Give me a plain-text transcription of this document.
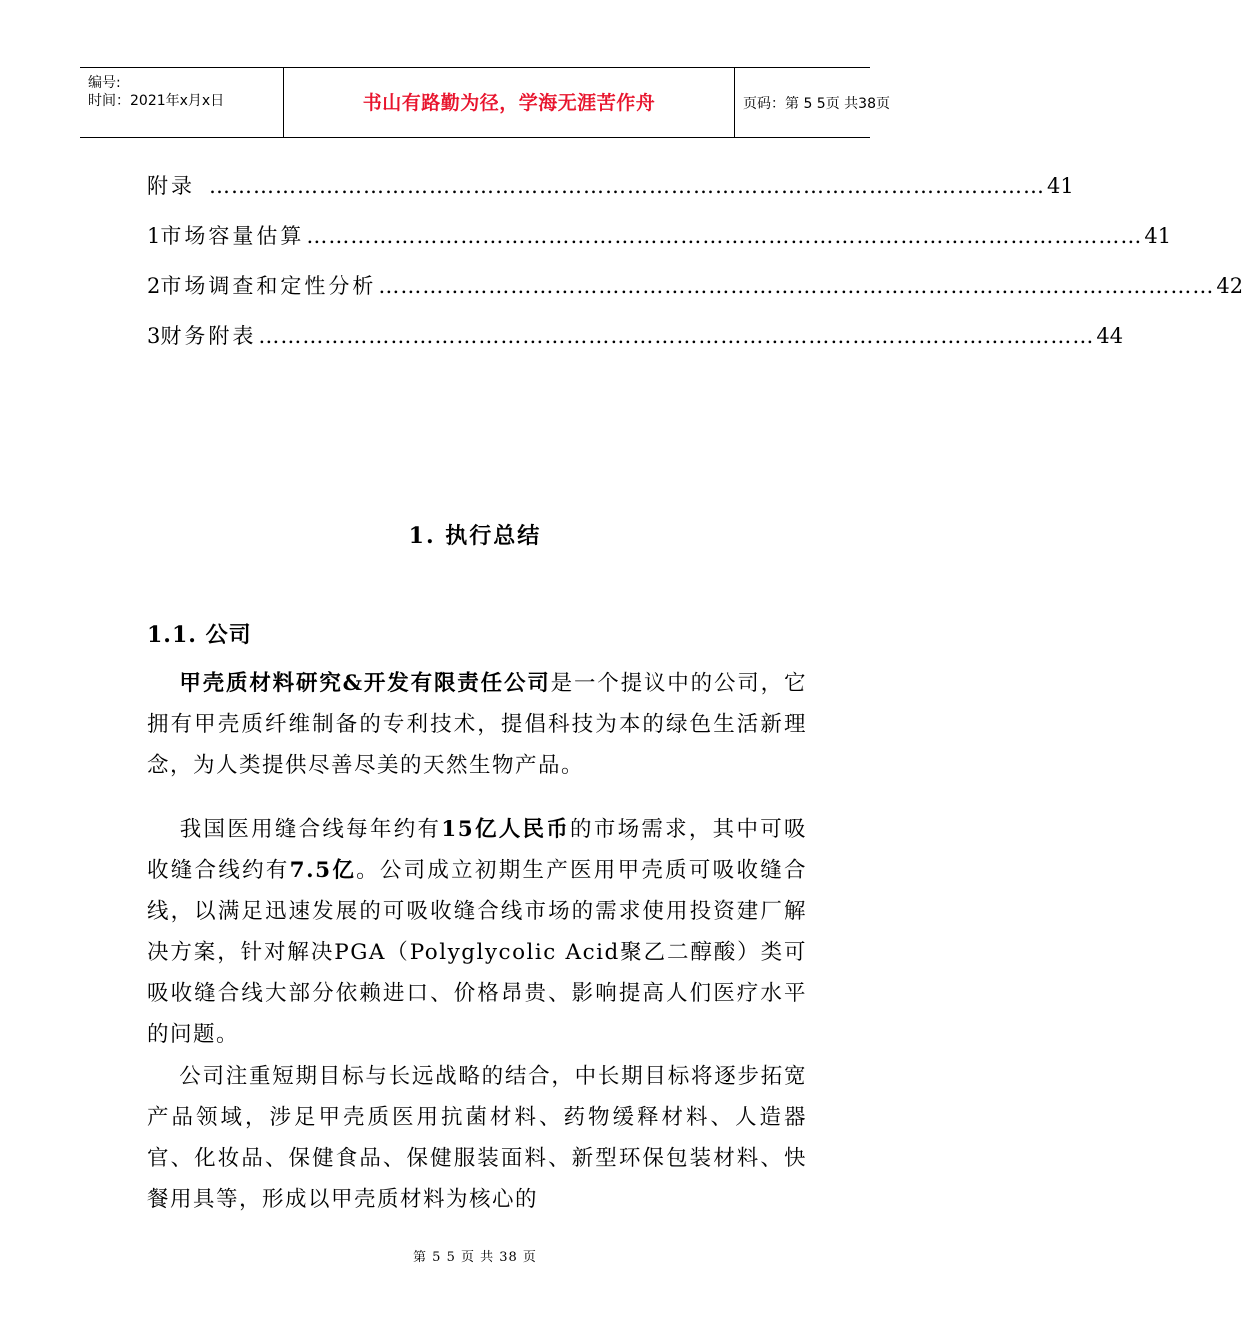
编号:
时间：2021年x月x日	书山有路勤为径，学海无涯苦作舟	页码：第 5 5页 共38页
附录 …………………………………………………………………………………………………… 41
1 市场容量估算 …………………………………………………………………………………………………… 41
2 市场调查和定性分析 …………………………………………………………………………………………………… 42
3 财务附表 …………………………………………………………………………………………………… 44
1. 执行总结
1.1. 公司
甲壳质材料研究&开发有限责任公司是一个提议中的公司，它拥有甲壳质纤维制备的专利技术，提倡科技为本的绿色生活新理念，为人类提供尽善尽美的天然生物产品。
我国医用缝合线每年约有15亿人民币的市场需求，其中可吸收缝合线约有7.5亿。公司成立初期生产医用甲壳质可吸收缝合线，以满足迅速发展的可吸收缝合线市场的需求使用投资建厂解决方案，针对解决PGA（Polyglycolic Acid聚乙二醇酸）类可吸收缝合线大部分依赖进口、价格昂贵、影响提高人们医疗水平的问题。
公司注重短期目标与长远战略的结合，中长期目标将逐步拓宽产品领域，涉足甲壳质医用抗菌材料、药物缓释材料、人造器官、化妆品、保健食品、保健服装面料、新型环保包装材料、快餐用具等，形成以甲壳质材料为核心的
第 5 5 页 共 38 页
